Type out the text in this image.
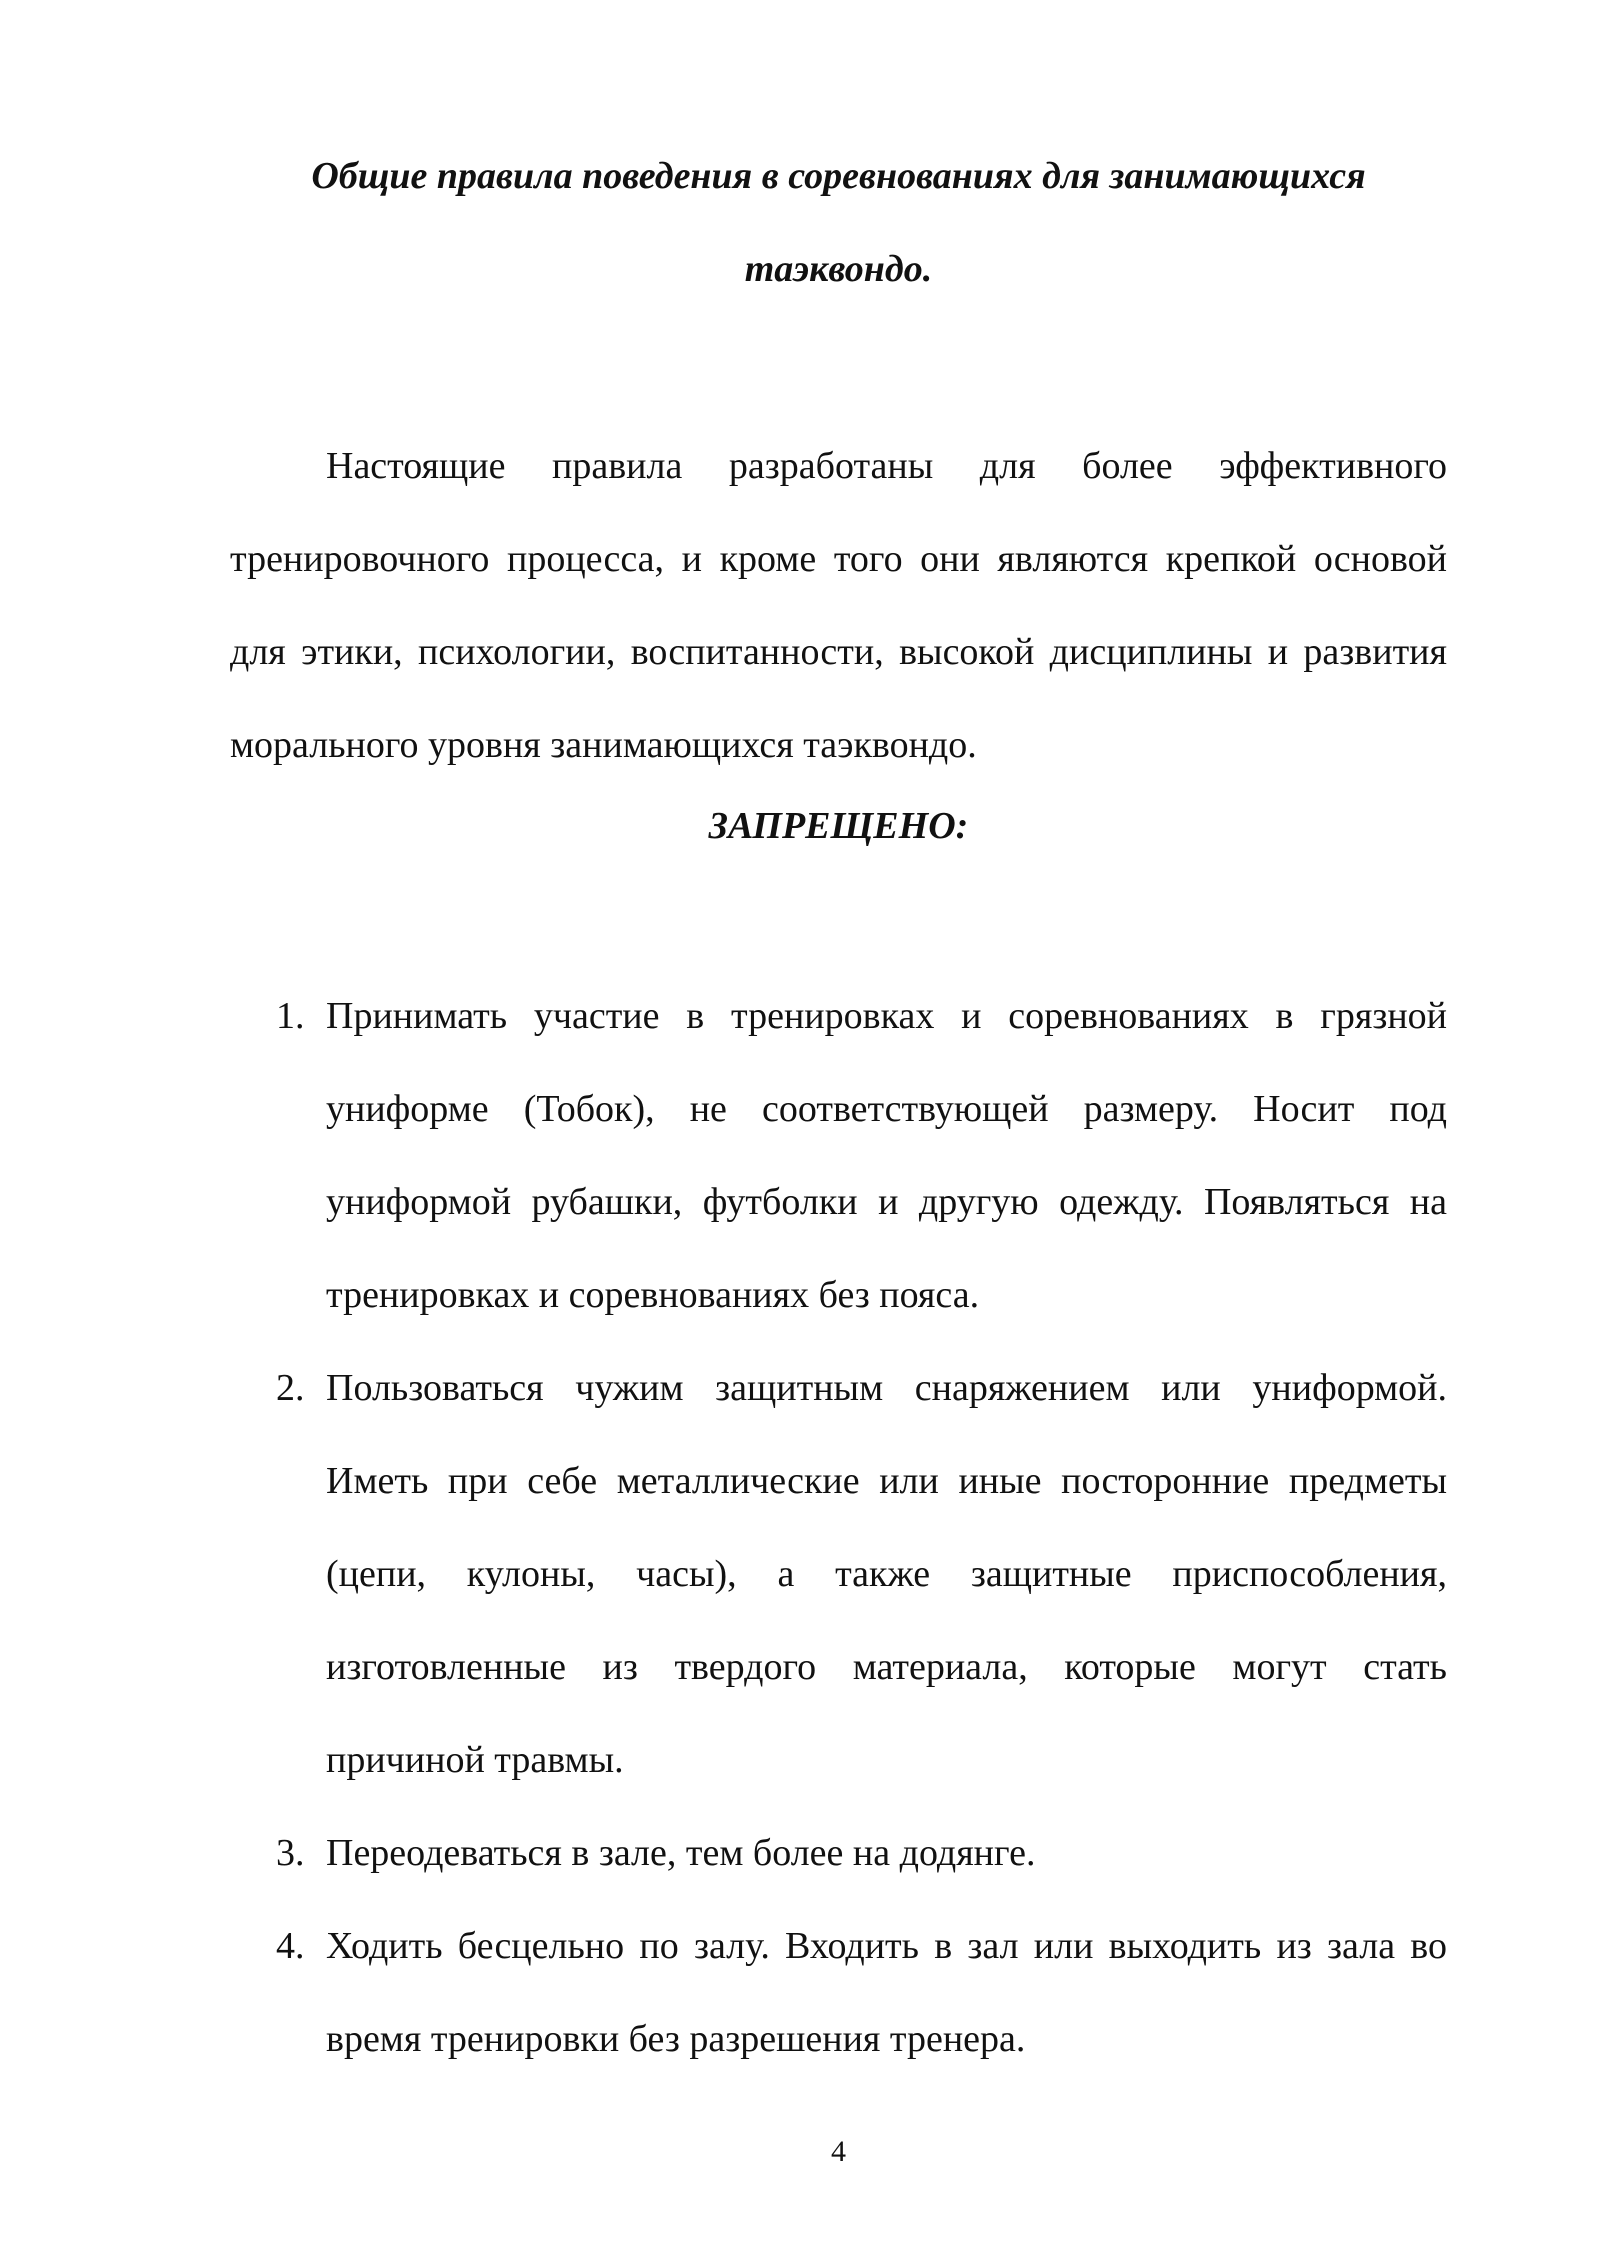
Общие правила поведения в соревнованиях для занимающихся
таэквондо.

Настоящие правила разработаны для более эффективного тренировочного процесса, и кроме того они являются крепкой основой для этики, психологии, воспитанности, высокой дисциплины и развития морального уровня занимающихся таэквондо.

ЗАПРЕЩЕНО:
1. Принимать участие в тренировках и соревнованиях в грязной униформе (Тобок), не соответствующей размеру. Носит под униформой рубашки, футболки и другую одежду. Появляться на тренировках и соревнованиях без пояса.
2. Пользоваться чужим защитным снаряжением или униформой. Иметь при себе металлические или иные посторонние предметы (цепи, кулоны, часы), а также защитные приспособления, изготовленные из твердого материала, которые могут стать причиной травмы.
3. Переодеваться в зале, тем более на додянге.
4. Ходить бесцельно по залу. Входить в зал или выходить из зала во время тренировки без разрешения тренера.
4
